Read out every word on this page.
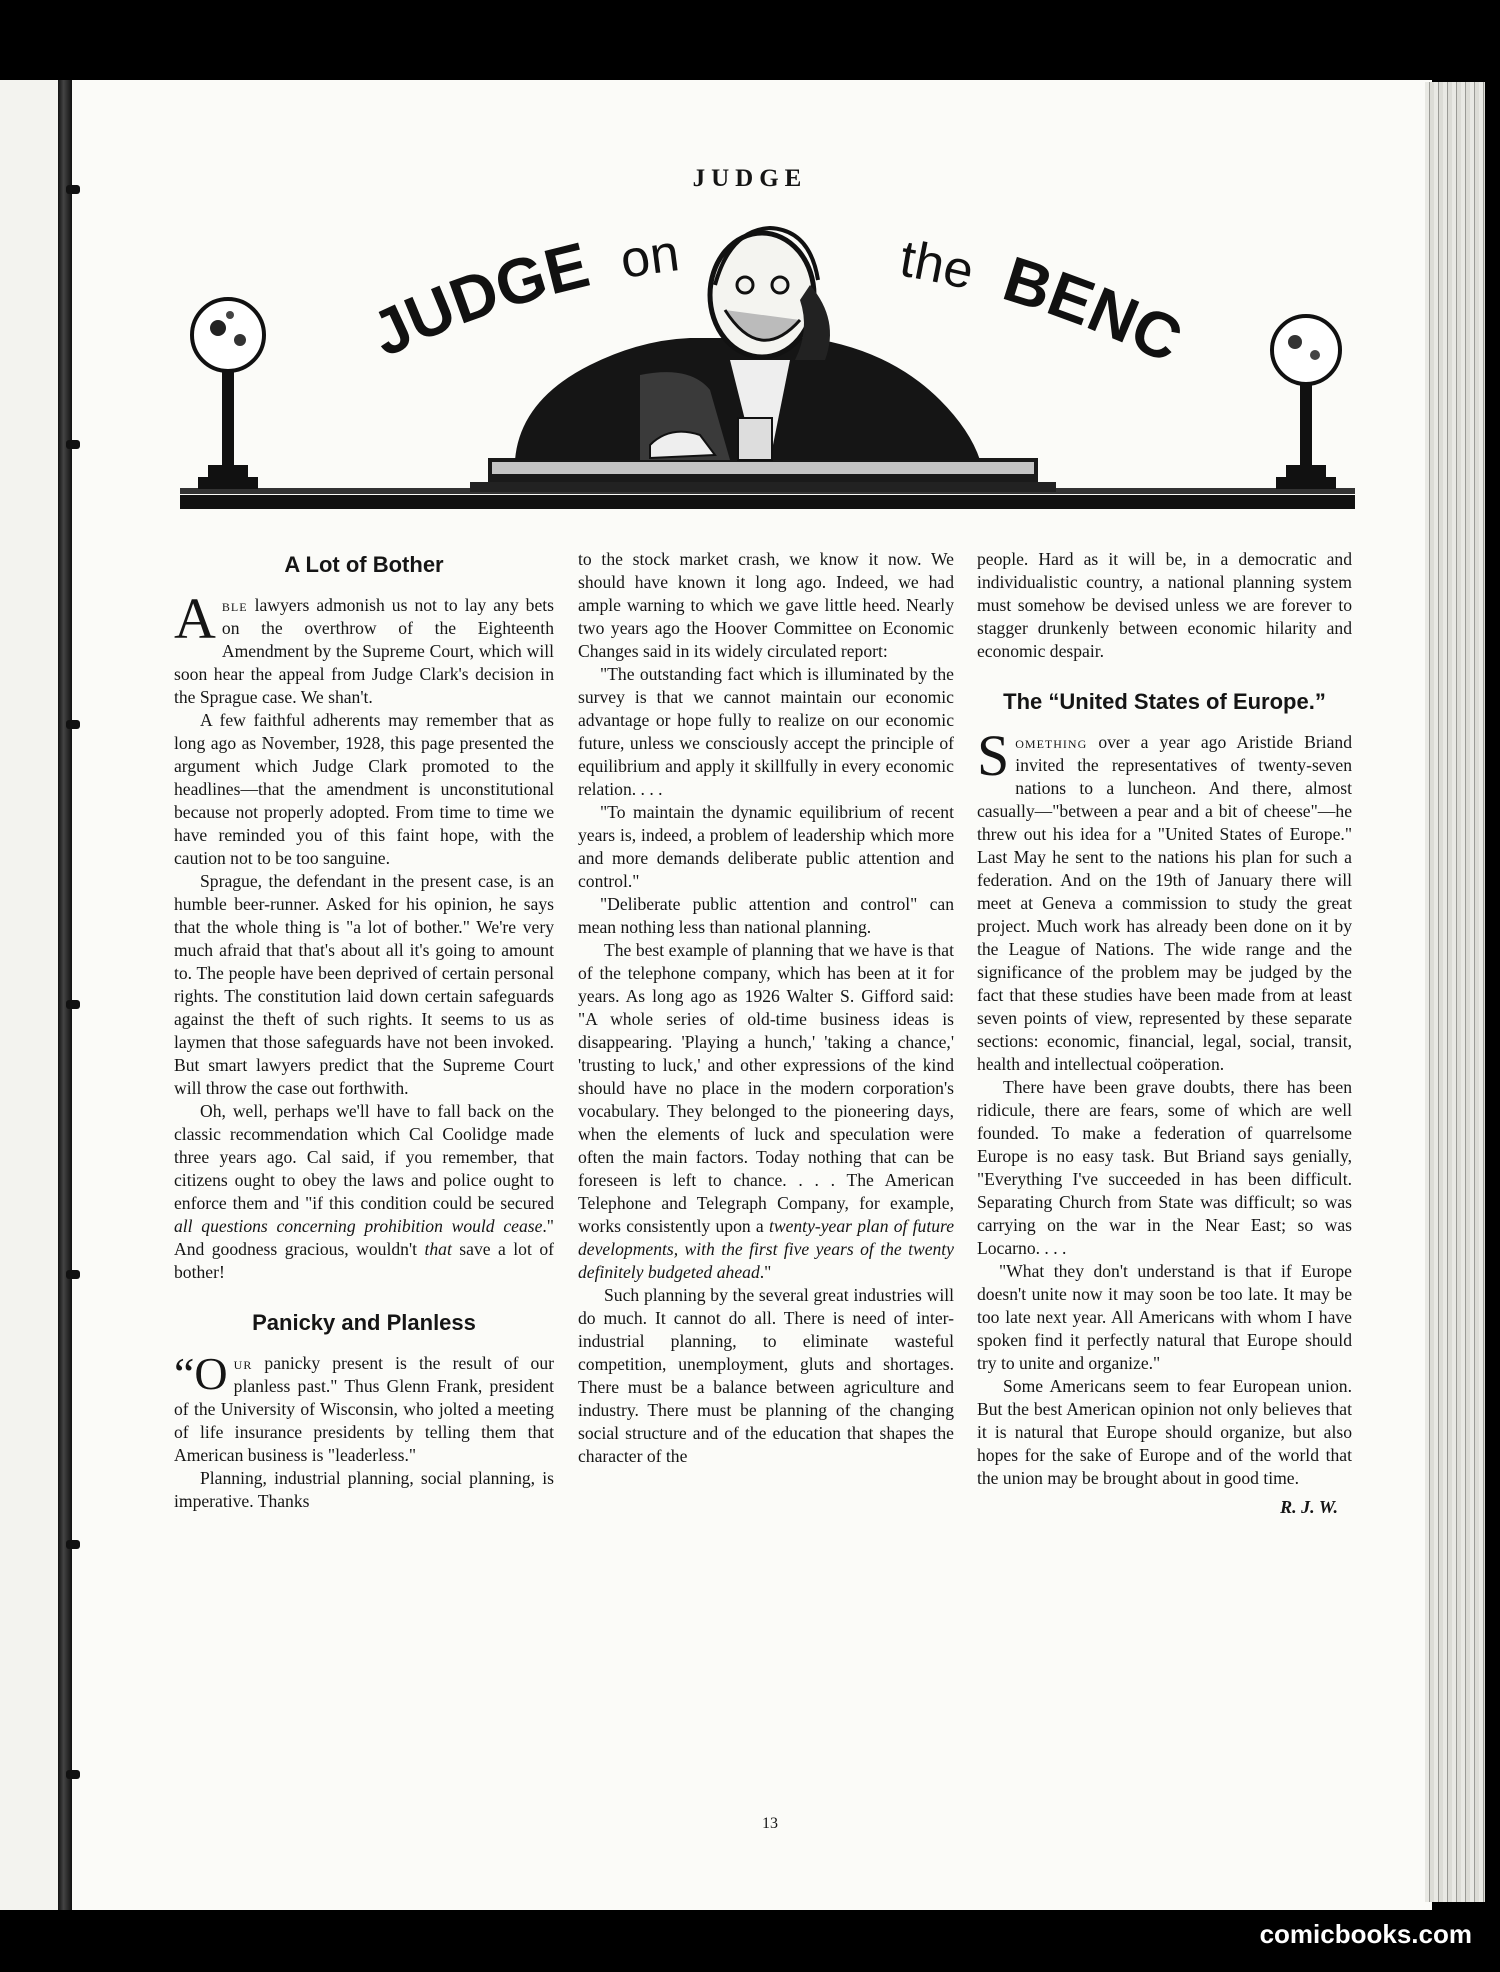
JUDGE
JUDGE on	the BENC
A Lot of Bother

Able lawyers admonish us not to lay any bets on the overthrow of the Eighteenth Amendment by the Supreme Court, which will soon hear the appeal from Judge Clark's decision in the Sprague case. We shan't.

A few faithful adherents may remember that as long ago as November, 1928, this page presented the argument which Judge Clark promoted to the headlines—that the amendment is unconstitutional because not properly adopted. From time to time we have reminded you of this faint hope, with the caution not to be too sanguine.

Sprague, the defendant in the present case, is an humble beer-runner. Asked for his opinion, he says that the whole thing is "a lot of bother." We're very much afraid that that's about all it's going to amount to. The people have been deprived of certain personal rights. The constitution laid down certain safeguards against the theft of such rights. It seems to us as laymen that those safeguards have not been invoked. But smart lawyers predict that the Supreme Court will throw the case out forthwith.

Oh, well, perhaps we'll have to fall back on the classic recommendation which Cal Coolidge made three years ago. Cal said, if you remember, that citizens ought to obey the laws and police ought to enforce them and "if this condition could be secured all questions concerning prohibition would cease." And goodness gracious, wouldn't that save a lot of bother!

Panicky and Planless

“O ur panicky present is the result of our planless past." Thus Glenn Frank, president of the University of Wisconsin, who jolted a meeting of life insurance presidents by telling them that American business is "leaderless."

Planning, industrial planning, social planning, is imperative. Thanks

to the stock market crash, we know it now. We should have known it long ago. Indeed, we had ample warning to which we gave little heed. Nearly two years ago the Hoover Committee on Economic Changes said in its widely circulated report:

"The outstanding fact which is illuminated by the survey is that we cannot maintain our economic advantage or hope fully to realize on our economic future, unless we consciously accept the principle of equilibrium and apply it skillfully in every economic relation. . . .

"To maintain the dynamic equilibrium of recent years is, indeed, a problem of leadership which more and more demands deliberate public attention and control."

"Deliberate public attention and control" can mean nothing less than national planning.

The best example of planning that we have is that of the telephone company, which has been at it for years. As long ago as 1926 Walter S. Gifford said: "A whole series of old-time business ideas is disappearing. 'Playing a hunch,' 'taking a chance,' 'trusting to luck,' and other expressions of the kind should have no place in the modern corporation's vocabulary. They belonged to the pioneering days, when the elements of luck and speculation were often the main factors. Today nothing that can be foreseen is left to chance. . . . The American Telephone and Telegraph Company, for example, works consistently upon a twenty-year plan of future developments, with the first five years of the twenty definitely budgeted ahead."

Such planning by the several great industries will do much. It cannot do all. There is need of inter-industrial planning, to eliminate wasteful competition, unemployment, gluts and shortages. There must be a balance between agriculture and industry. There must be planning of the changing social structure and of the education that shapes the character of the

people. Hard as it will be, in a democratic and individualistic country, a national planning system must somehow be devised unless we are forever to stagger drunkenly between economic hilarity and economic despair.

The “United States of Europe.”

Something over a year ago Aristide Briand invited the representatives of twenty-seven nations to a luncheon. And there, almost casually—"between a pear and a bit of cheese"—he threw out his idea for a "United States of Europe." Last May he sent to the nations his plan for such a federation. And on the 19th of January there will meet at Geneva a commission to study the great project. Much work has already been done on it by the League of Nations. The wide range and the significance of the problem may be judged by the fact that these studies have been made from at least seven points of view, represented by these separate sections: economic, financial, legal, social, transit, health and intellectual coöperation.

There have been grave doubts, there has been ridicule, there are fears, some of which are well founded. To make a federation of quarrelsome Europe is no easy task. But Briand says genially, "Everything I've succeeded in has been difficult. Separating Church from State was difficult; so was carrying on the war in the Near East; so was Locarno. . . .

"What they don't understand is that if Europe doesn't unite now it may soon be too late. It may be too late next year. All Americans with whom I have spoken find it perfectly natural that Europe should try to unite and organize."

Some Americans seem to fear European union. But the best American opinion not only believes that it is natural that Europe should organize, but also hopes for the sake of Europe and of the world that the union may be brought about in good time.

R. J. W.
13
comicbooks.com
